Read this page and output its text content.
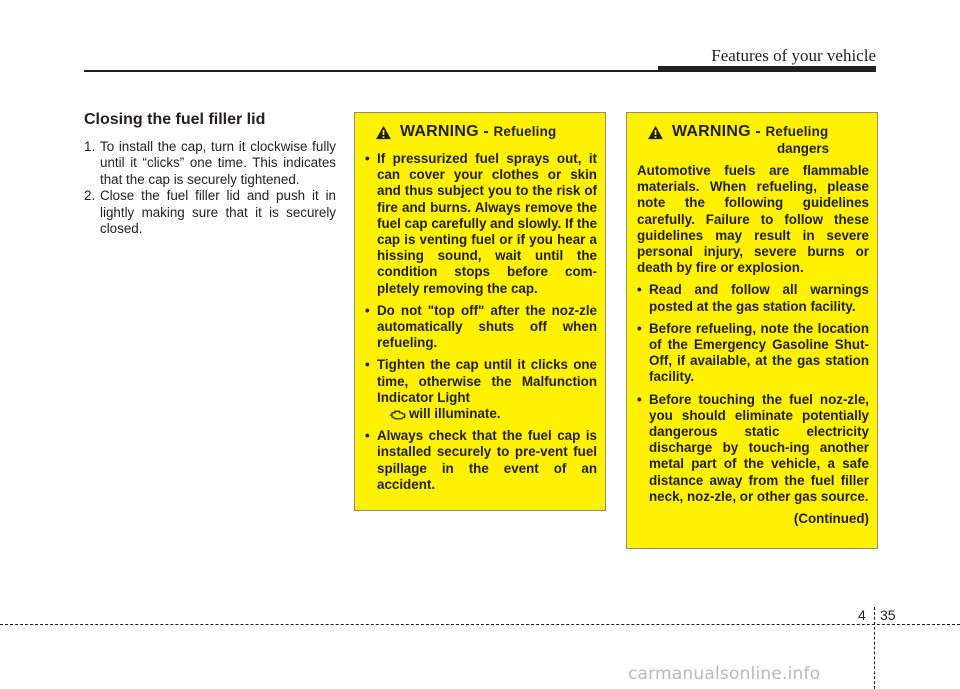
Features of your vehicle
Closing the fuel filler lid
1. To install the cap, turn it clockwise fully until it “clicks” one time. This indicates that the cap is securely tightened.
2. Close the fuel filler lid and push it in lightly making sure that it is securely closed.
WARNING - Refueling
• If pressurized fuel sprays out, it can cover your clothes or skin and thus subject you to the risk of fire and burns. Always remove the fuel cap carefully and slowly. If the cap is venting fuel or if you hear a hissing sound, wait until the condition stops before com-pletely removing the cap.
• Do not "top off" after the noz-zle automatically shuts off when refueling.
• Tighten the cap until it clicks one time, otherwise the Malfunction Indicator Light
will illuminate.
• Always check that the fuel cap is installed securely to pre-vent fuel spillage in the event of an accident.
WARNING - Refueling
dangers

Automotive fuels are flammable materials. When refueling, please note the following guidelines carefully. Failure to follow these guidelines may result in severe personal injury, severe burns or death by fire or explosion.

• Read and follow all warnings posted at the gas station facility.
• Before refueling, note the location of the Emergency Gasoline Shut-Off, if available, at the gas station facility.
• Before touching the fuel noz-zle, you should eliminate potentially dangerous static electricity discharge by touch-ing another metal part of the vehicle, a safe distance away from the fuel filler neck, noz-zle, or other gas source.
(Continued)
4 35
carmanualsonline.info
